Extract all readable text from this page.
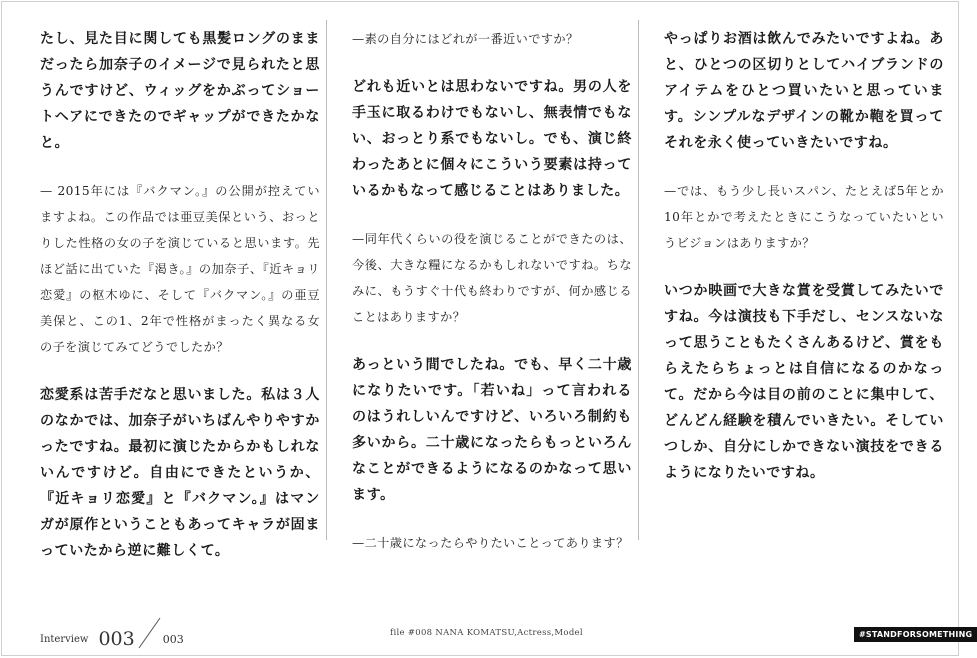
たし、見た目に関しても黒髪ロングのままだったら加奈子のイメージで見られたと思うんですけど、ウィッグをかぶってショートヘアにできたのでギャップができたかなと。

— 2015年には『バクマン。』の公開が控えていますよね。この作品では亜豆美保という、おっとりした性格の女の子を演じていると思います。先ほど話に出ていた『渇き。』の加奈子、『近キョリ恋愛』の枢木ゆに、そして『バクマン。』の亜豆美保と、この1、2年で性格がまったく異なる女の子を演じてみてどうでしたか？

恋愛系は苦手だなと思いました。私は３人のなかでは、加奈子がいちばんやりやすかったですね。最初に演じたからかもしれないんですけど。自由にできたというか、『近キョリ恋愛』と『バクマン。』はマンガが原作ということもあってキャラが固まっていたから逆に難しくて。

—素の自分にはどれが一番近いですか？

どれも近いとは思わないですね。男の人を手玉に取るわけでもないし、無表情でもない、おっとり系でもないし。でも、演じ終わったあとに個々にこういう要素は持っているかもなって感じることはありました。

—同年代くらいの役を演じることができたのは、今後、大きな糧になるかもしれないですね。ちなみに、もうすぐ十代も終わりですが、何か感じることはありますか？

あっという間でしたね。でも、早く二十歳になりたいです。「若いね」って言われるのはうれしいんですけど、いろいろ制約も多いから。二十歳になったらもっといろんなことができるようになるのかなって思います。

—二十歳になったらやりたいことってあります？

やっぱりお酒は飲んでみたいですよね。あと、ひとつの区切りとしてハイブランドのアイテムをひとつ買いたいと思っています。シンプルなデザインの靴か鞄を買ってそれを永く使っていきたいですね。

—では、もう少し長いスパン、たとえば5年とか10年とかで考えたときにこうなっていたいというビジョンはありますか？

いつか映画で大きな賞を受賞してみたいですね。今は演技も下手だし、センスないなって思うこともたくさんあるけど、賞をもらえたらちょっとは自信になるのかなって。だから今は目の前のことに集中して、どんどん経験を積んでいきたい。そしていつしか、自分にしかできない演技をできるようになりたいですね。

Interview 003	003	file #008 NANA KOMATSU,Actress,Model	#STANDFORSOMETHING
